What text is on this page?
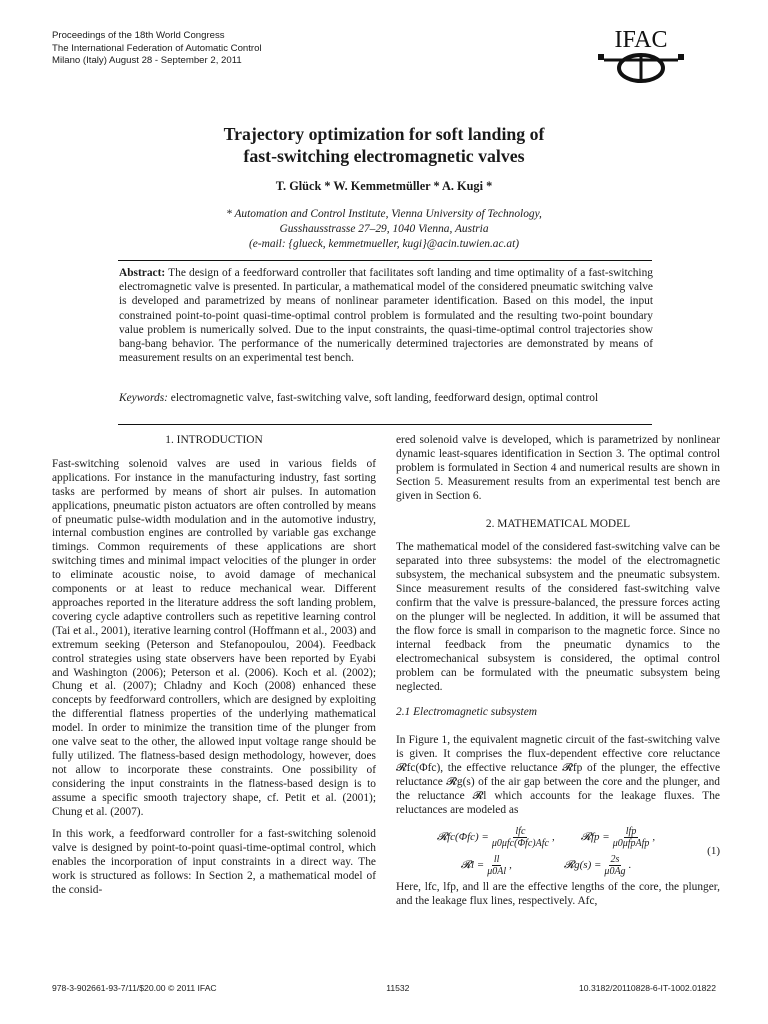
Proceedings of the 18th World Congress
The International Federation of Automatic Control
Milano (Italy) August 28 - September 2, 2011
IFAC
Trajectory optimization for soft landing of
fast-switching electromagnetic valves
T. Glück * W. Kemmetmüller * A. Kugi *
* Automation and Control Institute, Vienna University of Technology,
Gusshausstrasse 27–29, 1040 Vienna, Austria
(e-mail: {glueck, kemmetmueller, kugi}@acin.tuwien.ac.at)
Abstract: The design of a feedforward controller that facilitates soft landing and time optimality of a fast-switching electromagnetic valve is presented. In particular, a mathematical model of the considered pneumatic switching valve is developed and parametrized by means of nonlinear parameter identification. Based on this model, the input constrained point-to-point quasi-time-optimal control problem is formulated and the resulting two-point boundary value problem is numerically solved. Due to the input constraints, the quasi-time-optimal control trajectories show bang-bang behavior. The performance of the numerically determined trajectories are demonstrated by means of measurement results on an experimental test bench.
Keywords: electromagnetic valve, fast-switching valve, soft landing, feedforward design, optimal control
1. INTRODUCTION

Fast-switching solenoid valves are used in various fields of applications. For instance in the manufacturing industry, fast sorting tasks are performed by means of short air pulses. In automation applications, pneumatic piston actuators are often controlled by means of pneumatic pulse-width modulation and in the automotive industry, internal combustion engines are controlled by variable gas exchange timings. Common requirements of these applications are short switching times and minimal impact velocities of the plunger in order to eliminate acoustic noise, to avoid damage of mechanical components or at least to reduce mechanical wear. Different approaches reported in the literature address the soft landing problem, covering cycle adaptive controllers such as repetitive learning control (Tai et al., 2001), iterative learning control (Hoffmann et al., 2003) and extremum seeking (Peterson and Stefanopoulou, 2004). Feedback control strategies using state observers have been reported by Eyabi and Washington (2006); Peterson et al. (2006). Koch et al. (2002); Chung et al. (2007); Chladny and Koch (2008) enhanced these concepts by feedforward controllers, which are designed by exploiting the differential flatness properties of the underlying mathematical model. In order to minimize the transition time of the plunger from one valve seat to the other, the allowed input voltage range should be fully utilized. The flatness-based design methodology, however, does not allow to incorporate these constraints. One possibility of considering the input constraints in the flatness-based design is to assume a specific smooth trajectory shape, cf. Petit et al. (2001); Chung et al. (2007).

In this work, a feedforward controller for a fast-switching solenoid valve is designed by point-to-point quasi-time-optimal control, which enables the incorporation of input constraints in a direct way. The work is structured as follows: In Section 2, a mathematical model of the consid-

ered solenoid valve is developed, which is parametrized by nonlinear dynamic least-squares identification in Section 3. The optimal control problem is formulated in Section 4 and numerical results are shown in Section 5. Measurement results from an experimental test bench are given in Section 6.

2. MATHEMATICAL MODEL

The mathematical model of the considered fast-switching valve can be separated into three subsystems: the model of the electromagnetic subsystem, the mechanical subsystem and the pneumatic subsystem. Since measurement results of the considered fast-switching valve confirm that the valve is pressure-balanced, the pressure forces acting on the plunger will be neglected. In addition, it will be assumed that the flow force is small in comparison to the magnetic force. Since no internal feedback from the pneumatic dynamics to the electromechanical subsystem is considered, the optimal control problem can be formulated with the pneumatic subsystem being neglected.

2.1 Electromagnetic subsystem

In Figure 1, the equivalent magnetic circuit of the fast-switching valve is given. It comprises the flux-dependent effective core reluctance 𝓡fc(Φfc), the effective reluctance 𝓡fp of the plunger, the effective reluctance 𝓡g(s) of the air gap between the core and the plunger, and the reluctance 𝓡l which accounts for the leakage fluxes. The reluctances are modeled as

𝓡fc(Φfc) = $\frac{\text{lfc}}{\text{μ0μfc(Φfc)Afc}}$ , 𝓡fp = $\frac{\text{lfp}}{\text{μ0μfpAfp}}$ ,
𝓡l = $\frac{ll}{\mu 0Al}$ ,	𝓡g(s) = $\frac{2s}{\mu 0Ag}$ .
(1)

Here, lfc, lfp, and ll are the effective lengths of the core, the plunger, and the leakage flux lines, respectively. Afc,

978-3-902661-93-7/11/$20.00 © 2011 IFAC	11532	10.3182/20110828-6-IT-1002.01822
